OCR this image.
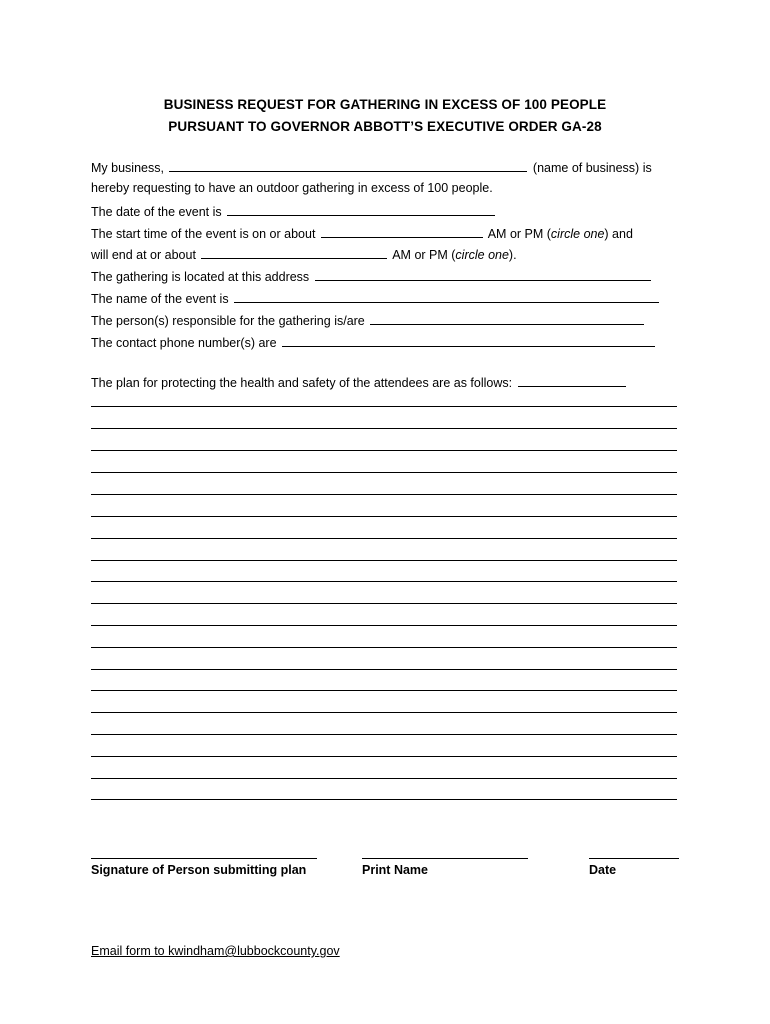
BUSINESS REQUEST FOR GATHERING IN EXCESS OF 100 PEOPLE
PURSUANT TO GOVERNOR ABBOTT’S EXECUTIVE ORDER GA-28
My business,	(name of business) is
hereby requesting to have an outdoor gathering in excess of 100 people.
The date of the event is
The start time of the event is on or about	AM or PM (circle one) and
will end at or about	AM or PM (circle one).
The gathering is located at this address
The name of the event is
The person(s) responsible for the gathering is/are
The contact phone number(s) are
The plan for protecting the health and safety of the attendees are as follows:
Signature of Person submitting plan	Print Name	Date
Email form to kwindham@lubbockcounty.gov
